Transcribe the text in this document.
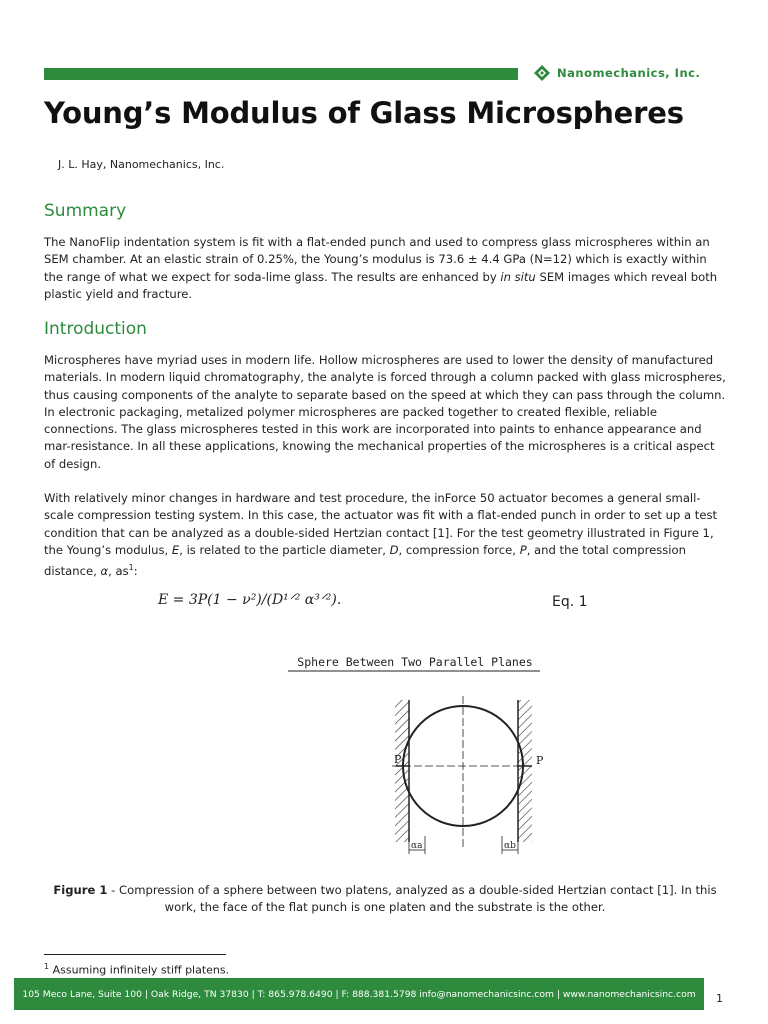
Nanomechanics, Inc.
Young’s Modulus of Glass Microspheres
J. L. Hay, Nanomechanics, Inc.
Summary

The NanoFlip indentation system is fit with a flat-ended punch and used to compress glass microspheres within an SEM chamber. At an elastic strain of 0.25%, the Young’s modulus is 73.6 ± 4.4 GPa (N=12) which is exactly within the range of what we expect for soda-lime glass. The results are enhanced by in situ SEM images which reveal both plastic yield and fracture.

Introduction

Microspheres have myriad uses in modern life. Hollow microspheres are used to lower the density of manufactured materials. In modern liquid chromatography, the analyte is forced through a column packed with glass microspheres, thus causing components of the analyte to separate based on the speed at which they can pass through the column. In electronic packaging, metalized polymer microspheres are packed together to created flexible, reliable connections. The glass microspheres tested in this work are incorporated into paints to enhance appearance and mar-resistance. In all these applications, knowing the mechanical properties of the microspheres is a critical aspect of design.

With relatively minor changes in hardware and test procedure, the inForce 50 actuator becomes a general small-scale compression testing system. In this case, the actuator was fit with a flat-ended punch in order to set up a test condition that can be analyzed as a double-sided Hertzian contact [1]. For the test geometry illustrated in Figure 1, the Young’s modulus, E, is related to the particle diameter, D, compression force, P, and the total compression distance, α, $as^1$:

E = 3P(1 − ν²)/(D¹ᐟ² α³ᐟ²).	Eq. 1
Sphere Between Two Parallel Planes
P	P
αa	αb
Figure 1 - Compression of a sphere between two platens, analyzed as a double-sided Hertzian contact [1]. In this work, the face of the flat punch is one platen and the substrate is the other.
$^1$ Assuming infinitely stiff platens.
105 Meco Lane, Suite 100 | Oak Ridge, TN 37830 | T: 865.978.6490 | F: 888.381.5798 info@nanomechanicsinc.com | www.nanomechanicsinc.com 1
